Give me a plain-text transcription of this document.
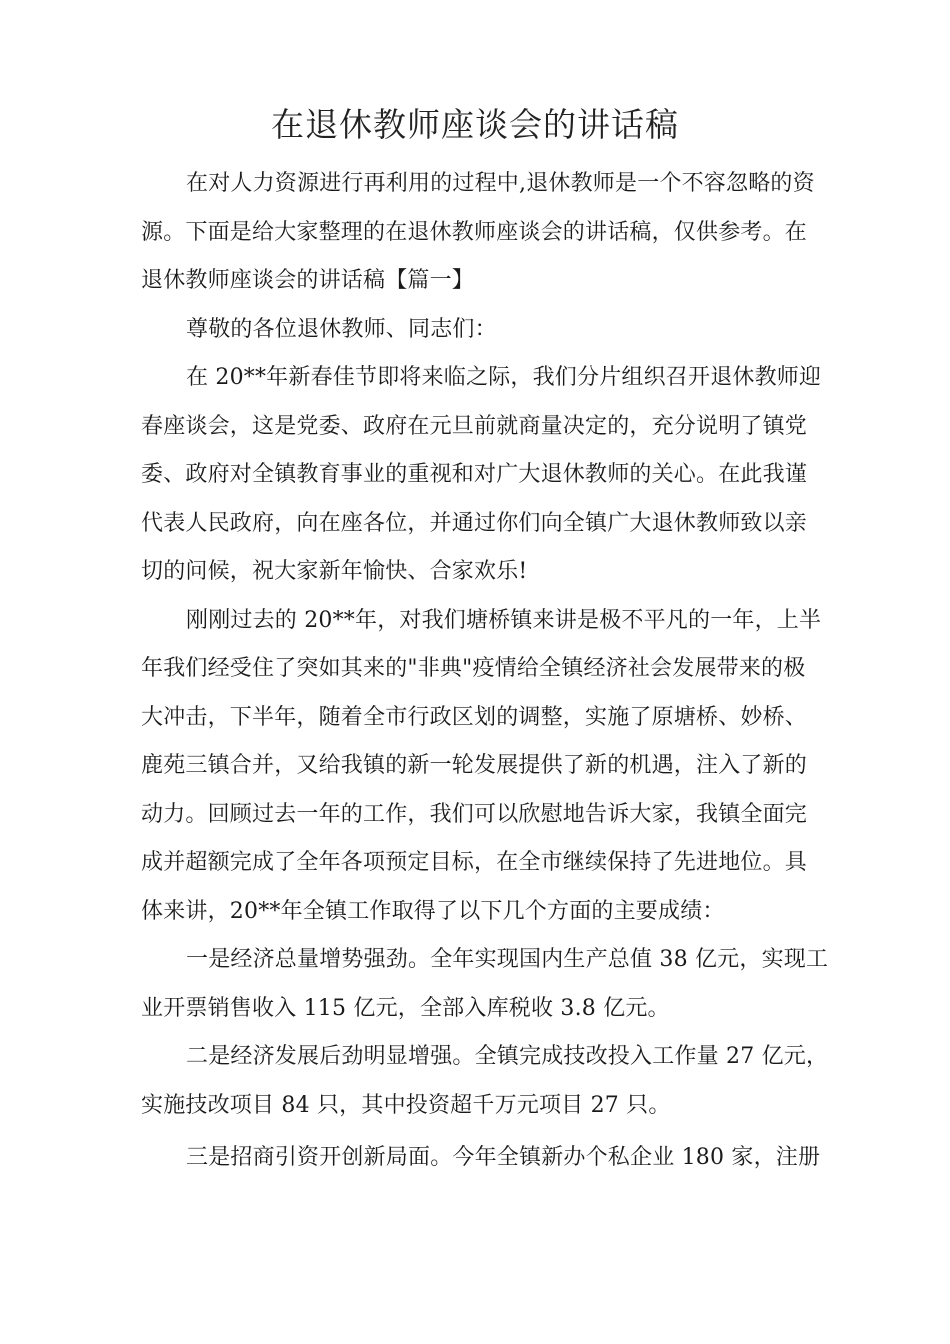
在退休教师座谈会的讲话稿
在对人力资源进行再利用的过程中,退休教师是一个不容忽略的资
源。下面是给大家整理的在退休教师座谈会的讲话稿，仅供参考。在
退休教师座谈会的讲话稿【篇一】
尊敬的各位退休教师、同志们：
在 20**年新春佳节即将来临之际，我们分片组织召开退休教师迎
春座谈会，这是党委、政府在元旦前就商量决定的，充分说明了镇党
委、政府对全镇教育事业的重视和对广大退休教师的关心。在此我谨
代表人民政府，向在座各位，并通过你们向全镇广大退休教师致以亲
切的问候，祝大家新年愉快、合家欢乐!
刚刚过去的 20**年，对我们塘桥镇来讲是极不平凡的一年，上半
年我们经受住了突如其来的"非典"疫情给全镇经济社会发展带来的极
大冲击，下半年，随着全市行政区划的调整，实施了原塘桥、妙桥、
鹿苑三镇合并，又给我镇的新一轮发展提供了新的机遇，注入了新的
动力。回顾过去一年的工作，我们可以欣慰地告诉大家，我镇全面完
成并超额完成了全年各项预定目标，在全市继续保持了先进地位。具
体来讲，20**年全镇工作取得了以下几个方面的主要成绩：
一是经济总量增势强劲。全年实现国内生产总值 38 亿元，实现工
业开票销售收入 115 亿元，全部入库税收 3.8 亿元。
二是经济发展后劲明显增强。全镇完成技改投入工作量 27 亿元，
实施技改项目 84 只，其中投资超千万元项目 27 只。
三是招商引资开创新局面。今年全镇新办个私企业 180 家，注册
